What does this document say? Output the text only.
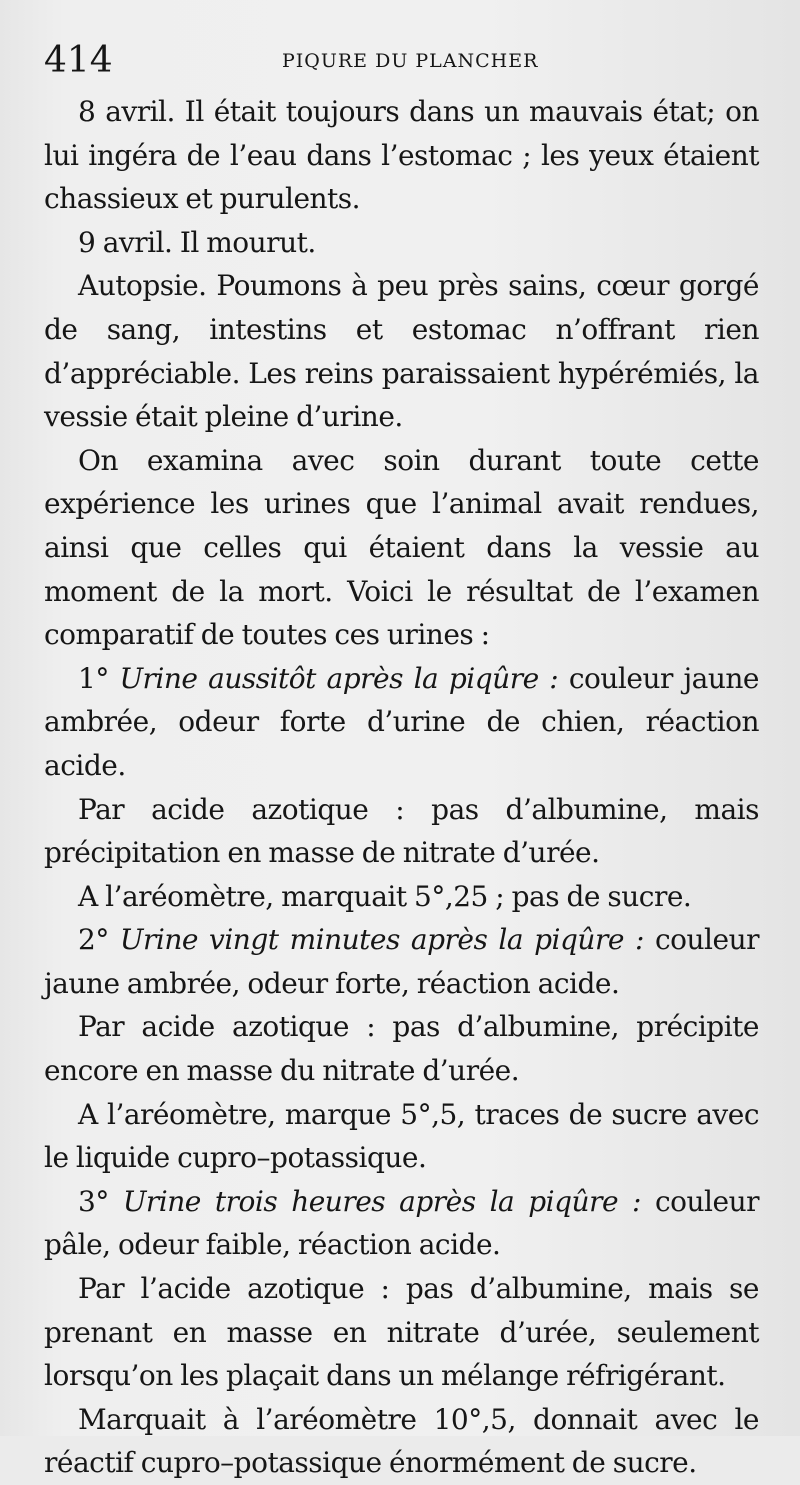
414	PIQURE DU PLANCHER

8 avril. Il était toujours dans un mauvais état; on lui ingéra de l’eau dans l’estomac ; les yeux étaient chassieux et purulents.

9 avril. Il mourut.

Autopsie. Poumons à peu près sains, cœur gorgé de sang, intestins et estomac n’offrant rien d’appréciable. Les reins paraissaient hypérémiés, la vessie était pleine d’urine.

On examina avec soin durant toute cette expérience les urines que l’animal avait rendues, ainsi que celles qui étaient dans la vessie au moment de la mort. Voici le résultat de l’examen comparatif de toutes ces urines :

1° Urine aussitôt après la piqûre : couleur jaune ambrée, odeur forte d’urine de chien, réaction acide.

Par acide azotique : pas d’albumine, mais précipitation en masse de nitrate d’urée.

A l’aréomètre, marquait 5°,25 ; pas de sucre.

2° Urine vingt minutes après la piqûre : couleur jaune ambrée, odeur forte, réaction acide.

Par acide azotique : pas d’albumine, précipite encore en masse du nitrate d’urée.

A l’aréomètre, marque 5°,5, traces de sucre avec le liquide cupro–potassique.

3° Urine trois heures après la piqûre : couleur pâle, odeur faible, réaction acide.

Par l’acide azotique : pas d’albumine, mais se prenant en masse en nitrate d’urée, seulement lorsqu’on les plaçait dans un mélange réfrigérant.

Marquait à l’aréomètre 10°,5, donnait avec le réactif cupro–potassique énormément de sucre.
